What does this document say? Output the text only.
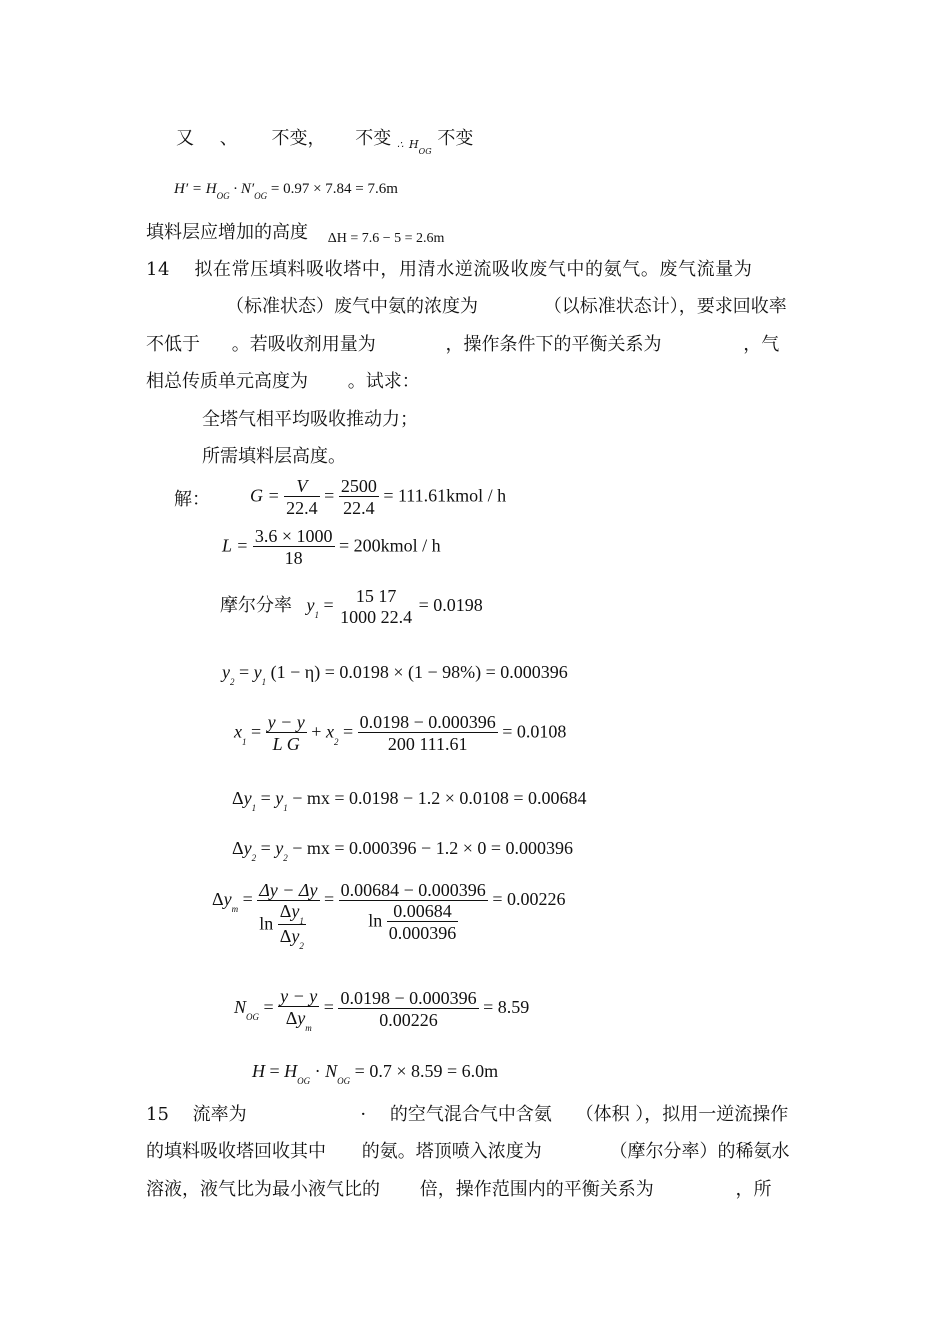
又 、 不变， 不变 $_\therefore$ $_{HOG}$ 不变
$H' = H_{OG} \cdot N'_{OG} = 0.97 \times 7.84 = 7.6m$
填料层应增加的高度 $_{\Delta H = 7.6 - 5 = 2.6m}$
14 拟在常压填料吸收塔中，用清水逆流吸收废气中的氨气。废气流量为
（标准状态）废气中氨的浓度为	（以标准状态计），要求回收率
不低于 。若吸收剂用量为	，操作条件下的平衡关系为	，气
相总传质单元高度为 。试求：
全塔气相平均吸收推动力；
所需填料层高度。
解： $G = \frac{V}{22.4} = \frac{2500}{22.4}$ = 111.61kmol / h
$L = \frac{3.6 \times 1000}{18}$ = 200kmol / h
摩尔分率 $y_1 = 15$ 17
1000 22.4
= 0.0198
$y_2 = y_1$ (1 − η) = 0.0198 × (1 − 98%) = 0.000396
$x_1 = \frac{y - y}{\text{L G}} + x_2 = \frac{0.0198 - 0.000396}{200 111.61} = 0.0108$
$\Delta y_1 = y_1$ − mx = 0.0198 − 1.2 × 0.0108 = 0.00684
$\Delta y_2 = y_2$ − mx = 0.000396 − 1.2 × 0 = 0.000396
$\Delta y_m = \frac{\Delta y - \Delta y}{\ln \frac{\Delta y_1}{\Delta y_2}} = \frac{0.00684 - 0.000396}{\ln \frac{0.00684}{0.000396}} = 0.00226$
$N_{OG} = \frac{y - y}{\Delta y_m} = \frac{0.0198 - 0.000396}{0.00226} = 8.59$
$H = H_{OG} \cdot N_{OG} = 0.7 \times 8.59 = 6.0m$
15 流率为	· 的空气混合气中含氨 （体积 ），拟用一逆流操作
的填料吸收塔回收其中 的氨。塔顶喷入浓度为	（摩尔分率）的稀氨水
溶液，液气比为最小液气比的 倍，操作范围内的平衡关系为	，所
